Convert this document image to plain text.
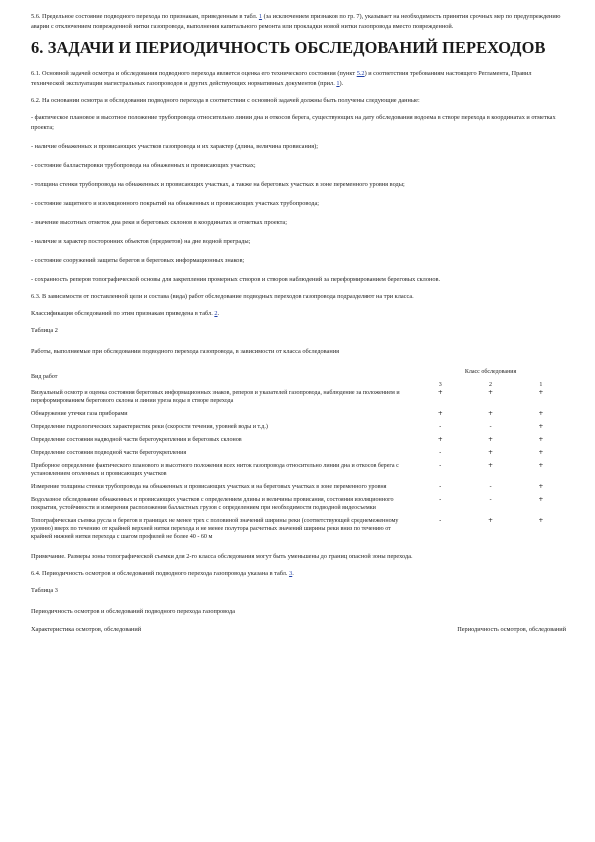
5.6. Предельное состояние подводного перехода по признакам, приведенным в табл. 1 (за исключением признаков по гр. 7), указывает на необходимость принятия срочных мер по предупреждению аварии с отключением поврежденной нитки газопровода, выполнения капитального ремонта или прокладки новой нитки газопровода вместо поврежденной.

6. ЗАДАЧИ И ПЕРИОДИЧНОСТЬ ОБСЛЕДОВАНИЙ ПЕРЕХОДОВ

6.1. Основной задачей осмотра и обследования подводного перехода является оценка его технического состояния (пункт 5.2) и соответствия требованиям настоящего Регламента, Правил технической эксплуатации магистральных газопроводов и других действующих нормативных документов (прил. 1).

6.2. На основании осмотра и обследования подводного перехода в соответствии с основной задачей должны быть получены следующие данные:

- фактическое плановое и высотное положение трубопровода относительно линии дна и откосов берега, существующих на дату обследования водоема в створе перехода в координатах и отметках проекта;

- наличие обнаженных и провисающих участков газопровода и их характер (длина, величина провисания);

- состояние балластировки трубопровода на обнаженных и провисающих участках;

- толщина стенки трубопровода на обнаженных и провисающих участках, а также на береговых участках в зоне переменного уровня воды;

- состояние защитного и изоляционного покрытий на обнаженных и провисающих участках трубопровода;

- значение высотных отметок дна реки и береговых склонов в координатах и отметках проекта;

- наличие и характер посторонних объектов (предметов) на дне водной преграды;

- состояние сооружений защиты берегов и береговых информационных знаков;

- сохранность реперов топографической основы для закрепления промерных створов и створов наблюдений за переформированием береговых склонов.

6.3. В зависимости от поставленной цели и состава (вида) работ обследование подводных переходов газопровода подразделяют на три класса.

Классификация обследований по этим признакам приведена в табл. 2.

Таблица 2

Работы, выполняемые при обследовании подводного перехода газопровода, в зависимости от класса обследования

Вид работ	Класс обследования		
	3	2	1
Визуальный осмотр и оценка состояния береговых информационных знаков, реперов и указателей газопровода, наблюдение за положением и переформированием берегового склона и линии уреза воды в створе перехода	+	+	+
Обнаружение утечки газа приборами	+	+	+
Определение гидрологических характеристик реки (скорости течения, уровней воды и т.д.)	-	-	+
Определение состояния надводной части берегоукрепления и береговых склонов	+	+	+
Определение состояния подводной части берегоукрепления	-	+	+
Приборное определение фактического планового и высотного положения всех ниток газопровода относительно линии дна и откосов берега с установлением оголенных и провисающих участков	-	+	+
Измерение толщины стенки трубопровода на обнаженных и провисающих участках и на береговых участках в зоне переменного уровня	-	-	+
Водолазное обследование обнаженных и провисающих участков с определением длины и величины провисания, состояния изоляционного покрытия, устойчивости и измерения расположения балластных грузов с определением при необходимости подводной видеосъемки	-	-	+
Топографическая съемка русла и берегов в границах не менее трех с половиной значений ширины реки (соответствующей среднемеженному уровню) вверх по течению от крайней верхней нитки перехода и не менее полутора расчетных значений ширины реки вниз по течению от крайней нижней нитки перехода с шагом профилей не более 40 - 60 м	-	+	+

Примечание. Размеры зоны топографической съемки для 2-го класса обследования могут быть уменьшены до границ опасной зоны перехода.

6.4. Периодичность осмотров и обследований подводного перехода газопровода указана в табл. 3.

Таблица 3

Периодичность осмотров и обследований подводного перехода газопровода

Характеристика осмотров, обследований	Периодичность осмотров, обследований
